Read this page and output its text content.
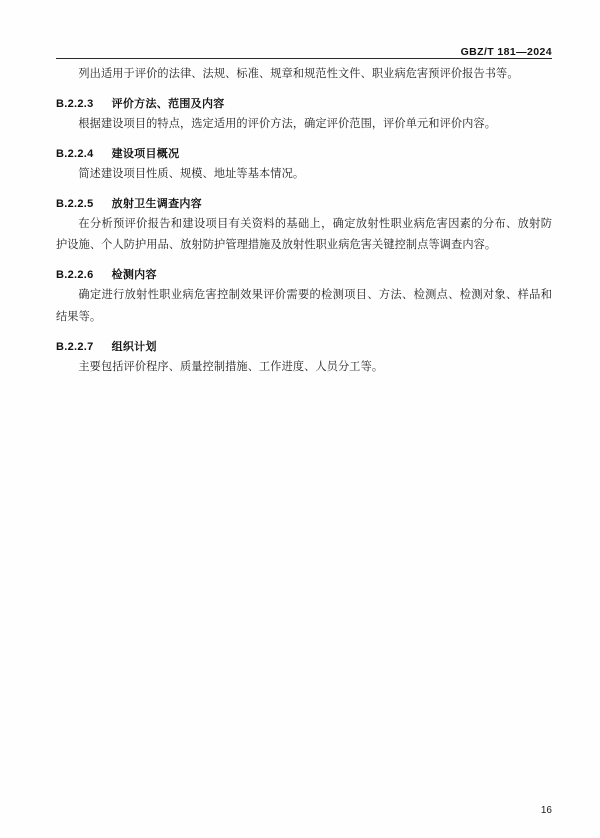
GBZ/T 181—2024

列出适用于评价的法律、法规、标准、规章和规范性文件、职业病危害预评价报告书等。

B.2.2.3 评价方法、范围及内容

根据建设项目的特点，选定适用的评价方法，确定评价范围，评价单元和评价内容。

B.2.2.4 建设项目概况

简述建设项目性质、规模、地址等基本情况。

B.2.2.5 放射卫生调查内容

在分析预评价报告和建设项目有关资料的基础上，确定放射性职业病危害因素的分布、放射防护设施、个人防护用品、放射防护管理措施及放射性职业病危害关键控制点等调查内容。

B.2.2.6 检测内容

确定进行放射性职业病危害控制效果评价需要的检测项目、方法、检测点、检测对象、样品和结果等。

B.2.2.7 组织计划

主要包括评价程序、质量控制措施、工作进度、人员分工等。

16
